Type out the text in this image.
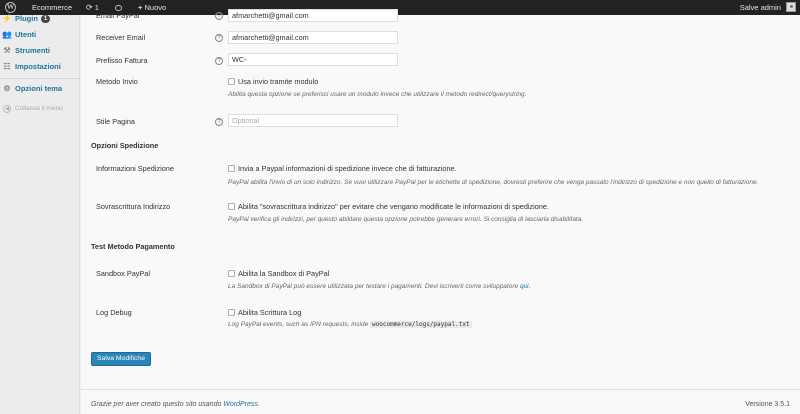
W Ecommerce ⟳ 1	+ Nuovo	Salve admin
⚡ Plugin 1
👥 Utenti
⚒ Strumenti
☷ Impostazioni
⚙ Opzioni tema
◀ Collassa il menu
Email PayPal	?	afmarchetti@gmail.com
Receiver Email	?	afmarchetti@gmail.com
Prefisso Fattura	?	WC-
Metodo Invio	Usa invio tramite modulo
Abilita questa opzione se preferisci usare un modulo invece che utilizzare il metodo redirect/querystring.
Stile Pagina	?	Optional
Opzioni Spedizione
Informazioni Spedizione	Invia a Paypal informazioni di spedizione invece che di fatturazione.
PayPal abilita l'invio di un solo indirizzo. Se vuoi utilizzare PayPal per le etichette di spedizione, dovresti preferire che venga passato l'indirizzo di spedizione e non quello di fatturazione.
Sovrascrittura Indirizzo	Abilita "sovrascrittura indirizzo" per evitare che vengano modificate le informazioni di spedizione.
PayPal verifica gli indirizzi, per questo abilitare questa opzione potrebbe generare errori. Si consiglia di lasciarla disabilitata.
Test Metodo Pagamento
Sandbox PayPal	Abilita la Sandbox di PayPal
La Sandbox di PayPal può essere utilizzata per testare i pagamenti. Devi iscriverti come sviluppatore qui.
Log Debug	Abilita Scrittura Log
Log PayPal events, such as IPN requests, inside woocommerce/logs/paypal.txt
Salva Modifiche
Grazie per aver creato questo sito usando WordPress.	Versione 3.5.1
